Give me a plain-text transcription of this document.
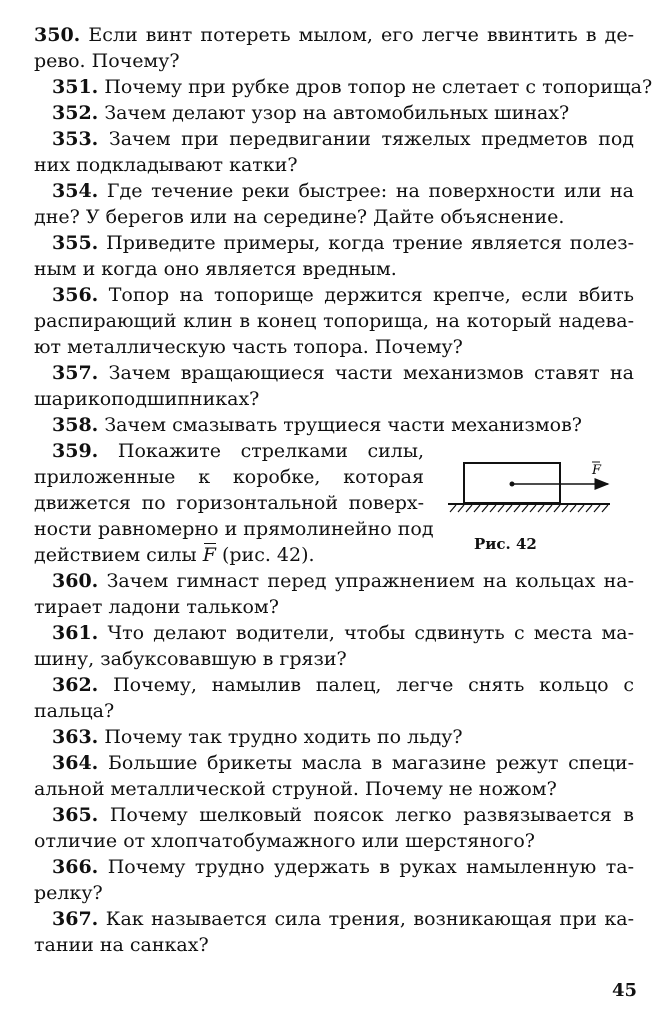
350. Если винт потереть мылом, его легче ввинтить в де-
рево. Почему?
351. Почему при рубке дров топор не слетает с топорища?
352. Зачем делают узор на автомобильных шинах?
353. Зачем при передвигании тяжелых предметов под
них подкладывают катки?
354. Где течение реки быстрее: на поверхности или на
дне? У берегов или на середине? Дайте объяснение.
355. Приведите примеры, когда трение является полез-
ным и когда оно является вредным.
356. Топор на топорище держится крепче, если вбить
распирающий клин в конец топорища, на который надева-
ют металлическую часть топора. Почему?
357. Зачем вращающиеся части механизмов ставят на
шарикоподшипниках?
358. Зачем смазывать трущиеся части механизмов?
359. Покажите стрелками силы,
приложенные к коробке, которая
движется по горизонтальной поверх-
ности равномерно и прямолинейно под
действием силы F (рис. 42).
360. Зачем гимнаст перед упражнением на кольцах на-
тирает ладони тальком?
361. Что делают водители, чтобы сдвинуть с места ма-
шину, забуксовавшую в грязи?
362. Почему, намылив палец, легче снять кольцо с
пальца?
363. Почему так трудно ходить по льду?
364. Большие брикеты масла в магазине режут специ-
альной металлической струной. Почему не ножом?
365. Почему шелковый поясок легко развязывается в
отличие от хлопчатобумажного или шерстяного?
366. Почему трудно удержать в руках намыленную та-
релку?
367. Как называется сила трения, возникающая при ка-
тании на санках?
F
Рис. 42
45
